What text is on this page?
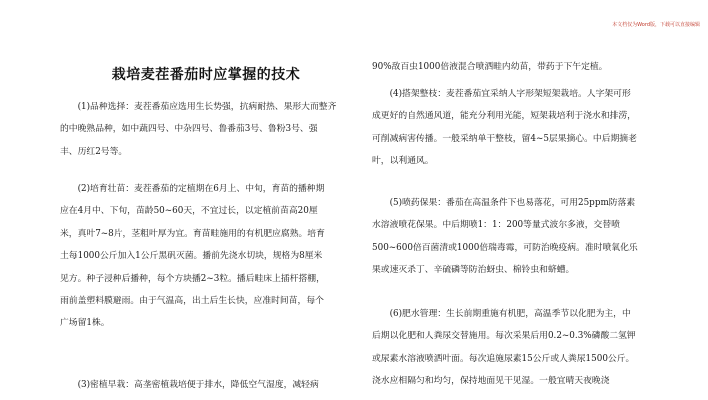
本文档仅为Word版，下载可以直接编辑
栽培麦茬番茄时应掌握的技术
(1)品种选择：麦茬番茄应选用生长势强，抗病耐热、果形大而整齐
的中晚熟品种，如中蔬四号、中杂四号、鲁番茄3号、鲁粉3号、强
丰、历红2号等。
(2)培育壮苗：麦茬番茄的定植期在6月上、中旬，育苗的播种期
应在4月中、下旬，苗龄50~60天，不宜过长，以定植前苗高20厘
米，真叶7~8片，茎粗叶厚为宜。育苗畦施用的有机肥应腐熟。培育
土每1000公斤加入1公斤黑矾灭菌。播前先浇水切块，规格为8厘米
见方。种子浸种后播种，每个方块播2~3粒。播后畦床上插杆搭棚，
雨前盖塑料膜避雨。由于气温高，出土后生长快，应准时间苗，每个
广场留1株。
(3)密植早栽：高垄密植栽培便于排水，降低空气湿度，减轻病
90%敌百虫1000倍液混合喷洒畦内幼苗，带药于下午定植。
(4)搭架整枝：麦茬番茄宜采纳人字形架短架栽培。人字架可形
成更好的自然通风道，能充分利用光能，短架栽培利于浇水和排涝，
可削减病害传播。一般采纳单干整枝，留4~5层果摘心。中后期摘老
叶，以利通风。
(5)喷药保果：番茄在高温条件下也易落花，可用25ppm防落素
水溶液喷花保果。中后期喷1：1：200等量式波尔多液，交替喷
500~600倍百菌清或1000倍瑞毒霉，可防治晚疫病。准时喷氧化乐
果或速灭杀丁、辛硫磷等防治蚜虫、棉铃虫和蛴螬。
(6)肥水管理：生长前期重施有机肥，高温季节以化肥为主，中
后期以化肥和人粪尿交替施用。每次采果后用0.2~0.3%磷酸二氢钾
或尿素水溶液喷洒叶面。每次追施尿素15公斤或人粪尿1500公斤。
浇水应相隔匀和均匀，保持地面见干见湿。一般宜晴天夜晚浇
